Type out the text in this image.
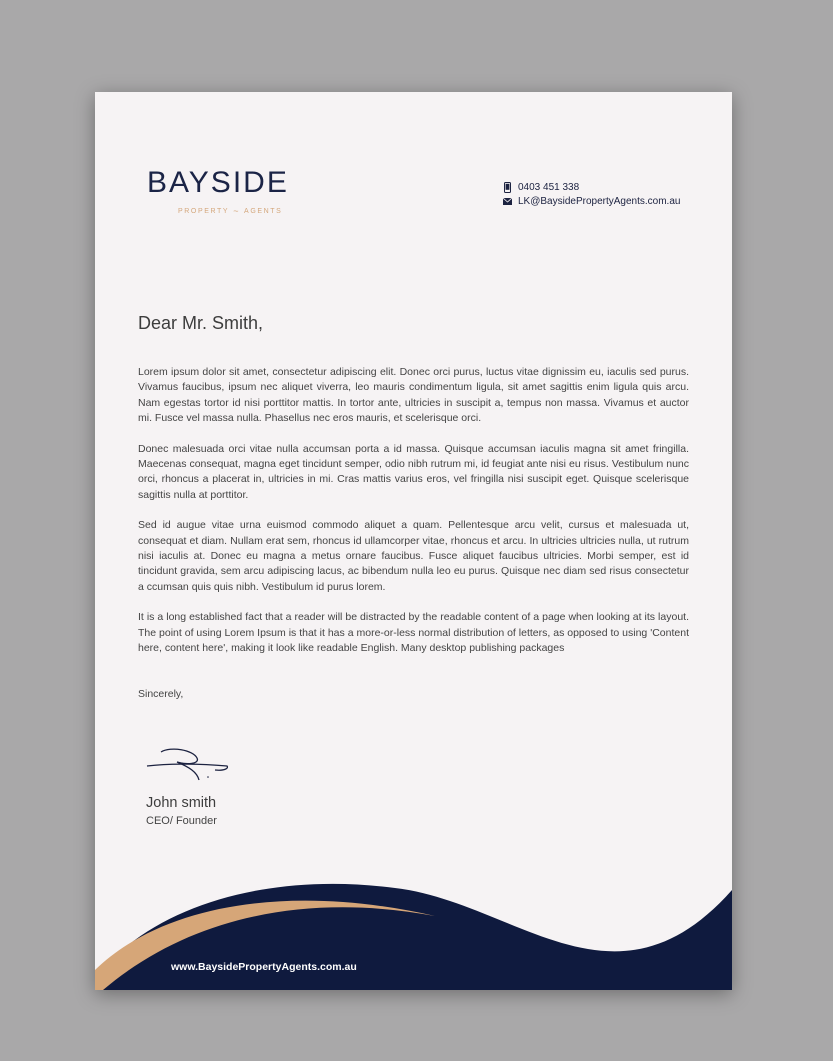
BAYSIDE
PROPERTY ~ AGENTS
0403 451 338
LK@BaysidePropertyAgents.com.au
Dear Mr. Smith,

Lorem ipsum dolor sit amet, consectetur adipiscing elit. Donec orci purus, luctus vitae dignissim eu, iaculis sed purus. Vivamus faucibus, ipsum nec aliquet viverra, leo mauris condimentum ligula, sit amet sagittis enim ligula quis arcu. Nam egestas tortor id nisi porttitor mattis. In tortor ante, ultricies in suscipit a, tempus non massa. Vivamus et auctor mi. Fusce vel massa nulla. Phasellus nec eros mauris, et scelerisque orci.

Donec malesuada orci vitae nulla accumsan porta a id massa. Quisque accumsan iaculis magna sit amet fringilla. Maecenas consequat, magna eget tincidunt semper, odio nibh rutrum mi, id feugiat ante nisi eu risus. Vestibulum nunc orci, rhoncus a placerat in, ultricies in mi. Cras mattis varius eros, vel fringilla nisi suscipit eget. Quisque scelerisque sagittis nulla at porttitor.

Sed id augue vitae urna euismod commodo aliquet a quam. Pellentesque arcu velit, cursus et malesuada ut, consequat et diam. Nullam erat sem, rhoncus id ullamcorper vitae, rhoncus et arcu. In ultricies ultricies nulla, ut rutrum nisi iaculis at. Donec eu magna a metus ornare faucibus. Fusce aliquet faucibus ultricies. Morbi semper, est id tincidunt gravida, sem arcu adipiscing lacus, ac bibendum nulla leo eu purus. Quisque nec diam sed risus consectetur a ccumsan quis quis nibh. Vestibulum id purus lorem.

It is a long established fact that a reader will be distracted by the readable content of a page when looking at its layout. The point of using Lorem Ipsum is that it has a more-or-less normal distribution of letters, as opposed to using 'Content here, content here', making it look like readable English. Many desktop publishing packages

Sincerely,
John smith
CEO/ Founder
www.BaysidePropertyAgents.com.au
